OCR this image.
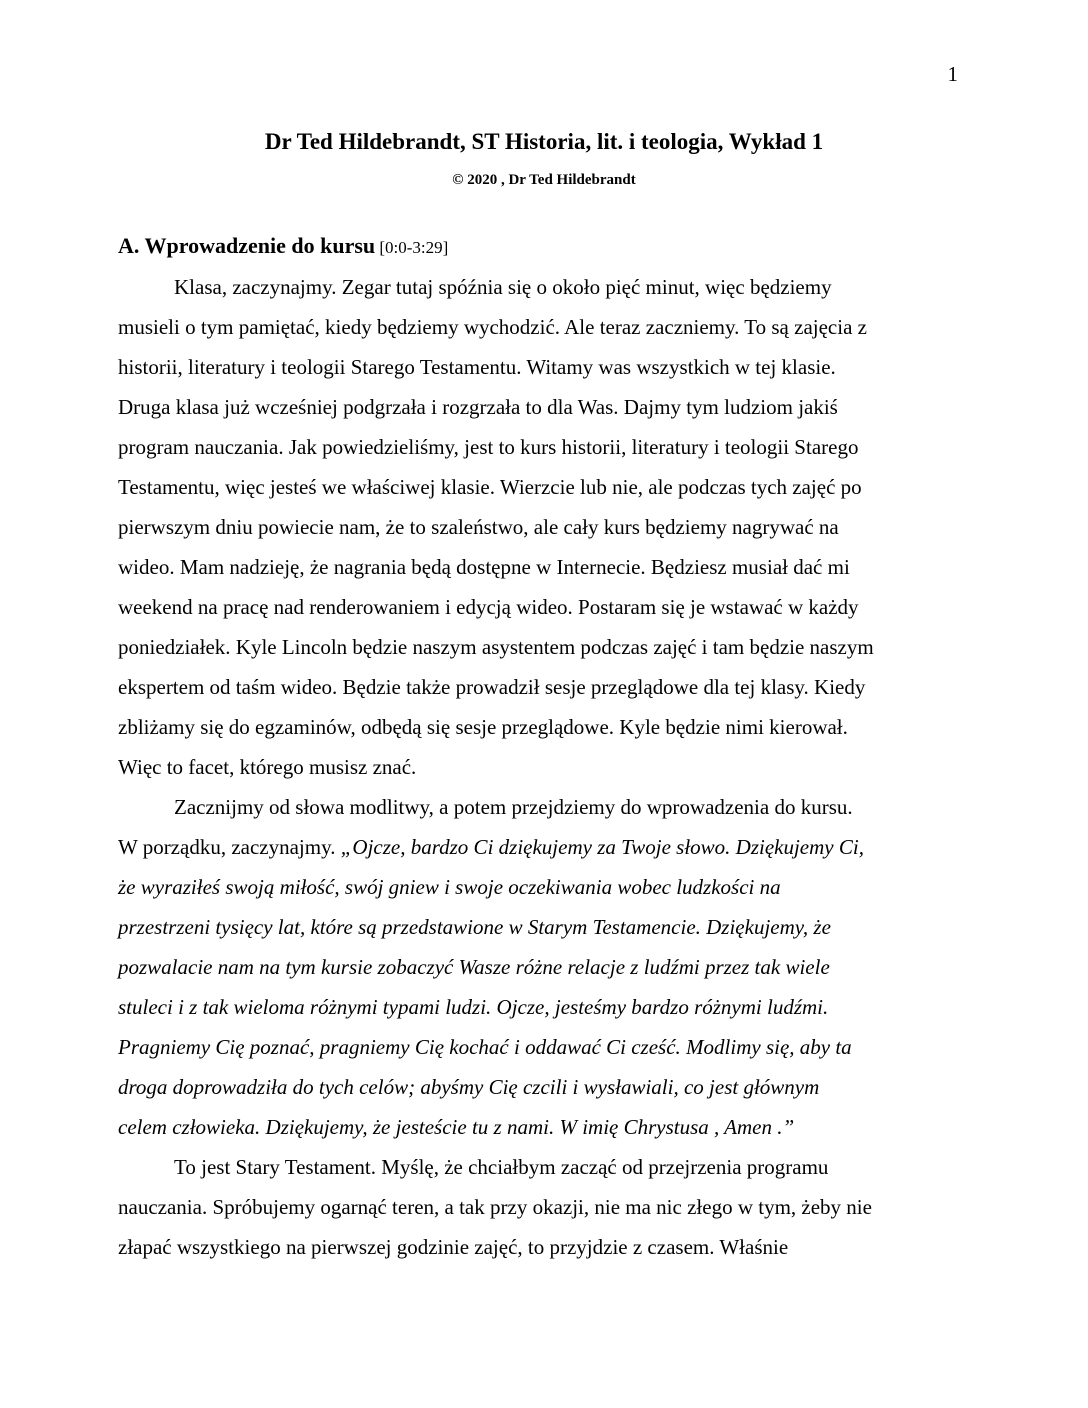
1
Dr Ted Hildebrandt, ST Historia, lit. i teologia, Wykład 1
© 2020 , Dr Ted Hildebrandt
A. Wprowadzenie do kursu [0:0-3:29]
Klasa, zaczynajmy. Zegar tutaj spóźnia się o około pięć minut, więc będziemy
musieli o tym pamiętać, kiedy będziemy wychodzić. Ale teraz zaczniemy. To są zajęcia z
historii, literatury i teologii Starego Testamentu. Witamy was wszystkich w tej klasie.
Druga klasa już wcześniej podgrzała i rozgrzała to dla Was. Dajmy tym ludziom jakiś
program nauczania. Jak powiedzieliśmy, jest to kurs historii, literatury i teologii Starego
Testamentu, więc jesteś we właściwej klasie. Wierzcie lub nie, ale podczas tych zajęć po
pierwszym dniu powiecie nam, że to szaleństwo, ale cały kurs będziemy nagrywać na
wideo. Mam nadzieję, że nagrania będą dostępne w Internecie. Będziesz musiał dać mi
weekend na pracę nad renderowaniem i edycją wideo. Postaram się je wstawać w każdy
poniedziałek. Kyle Lincoln będzie naszym asystentem podczas zajęć i tam będzie naszym
ekspertem od taśm wideo. Będzie także prowadził sesje przeglądowe dla tej klasy. Kiedy
zbliżamy się do egzaminów, odbędą się sesje przeglądowe. Kyle będzie nimi kierował.
Więc to facet, którego musisz znać.
Zacznijmy od słowa modlitwy, a potem przejdziemy do wprowadzenia do kursu.
W porządku, zaczynajmy. „Ojcze, bardzo Ci dziękujemy za Twoje słowo. Dziękujemy Ci,
że wyraziłeś swoją miłość, swój gniew i swoje oczekiwania wobec ludzkości na
przestrzeni tysięcy lat, które są przedstawione w Starym Testamencie. Dziękujemy, że
pozwalacie nam na tym kursie zobaczyć Wasze różne relacje z ludźmi przez tak wiele
stuleci i z tak wieloma różnymi typami ludzi. Ojcze, jesteśmy bardzo różnymi ludźmi.
Pragniemy Cię poznać, pragniemy Cię kochać i oddawać Ci cześć. Modlimy się, aby ta
droga doprowadziła do tych celów; abyśmy Cię czcili i wysławiali, co jest głównym
celem człowieka. Dziękujemy, że jesteście tu z nami. W imię Chrystusa , Amen .”
To jest Stary Testament. Myślę, że chciałbym zacząć od przejrzenia programu
nauczania. Spróbujemy ogarnąć teren, a tak przy okazji, nie ma nic złego w tym, żeby nie
złapać wszystkiego na pierwszej godzinie zajęć, to przyjdzie z czasem. Właśnie
